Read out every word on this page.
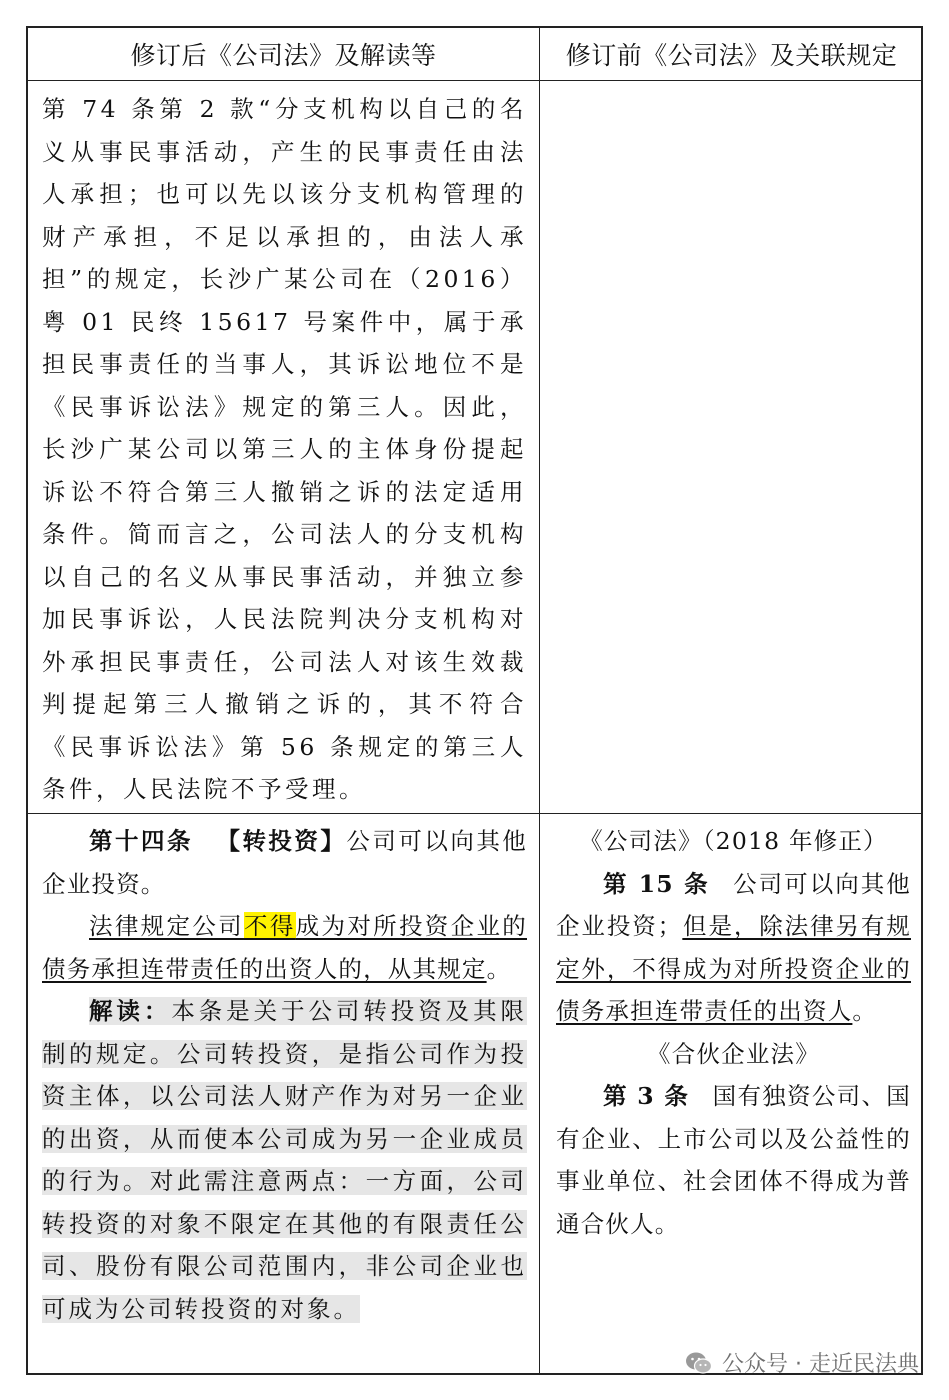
修订后《公司法》及解读等	修订前《公司法》及关联规定

第 74 条第 2 款“分支机构以自己的名义从事民事活动，产生的民事责任由法人承担；也可以先以该分支机构管理的财产承担，不足以承担的，由法人承担”的规定，长沙广某公司在（2016）粤 01 民终 15617 号案件中，属于承担民事责任的当事人，其诉讼地位不是《民事诉讼法》规定的第三人。因此，长沙广某公司以第三人的主体身份提起诉讼不符合第三人撤销之诉的法定适用条件。简而言之，公司法人的分支机构以自己的名义从事民事活动，并独立参加民事诉讼，人民法院判决分支机构对外承担民事责任，公司法人对该生效裁判提起第三人撤销之诉的，其不符合《民事诉讼法》第 56 条规定的第三人条件，人民法院不予受理。

第十四条 【转投资】公司可以向其他企业投资。

法律规定公司不得成为对所投资企业的债务承担连带责任的出资人的，从其规定。

解读：本条是关于公司转投资及其限制的规定。公司转投资，是指公司作为投资主体，以公司法人财产作为对另一企业的出资，从而使本公司成为另一企业成员的行为。对此需注意两点：一方面，公司转投资的对象不限定在其他的有限责任公司、股份有限公司范围内，非公司企业也可成为公司转投资的对象。

《公司法》（2018 年修正）

第 15 条 公司可以向其他企业投资；但是，除法律另有规定外，不得成为对所投资企业的债务承担连带责任的出资人。

《合伙企业法》

第 3 条 国有独资公司、国有企业、上市公司以及公益性的事业单位、社会团体不得成为普通合伙人。

公众号 · 走近民法典
